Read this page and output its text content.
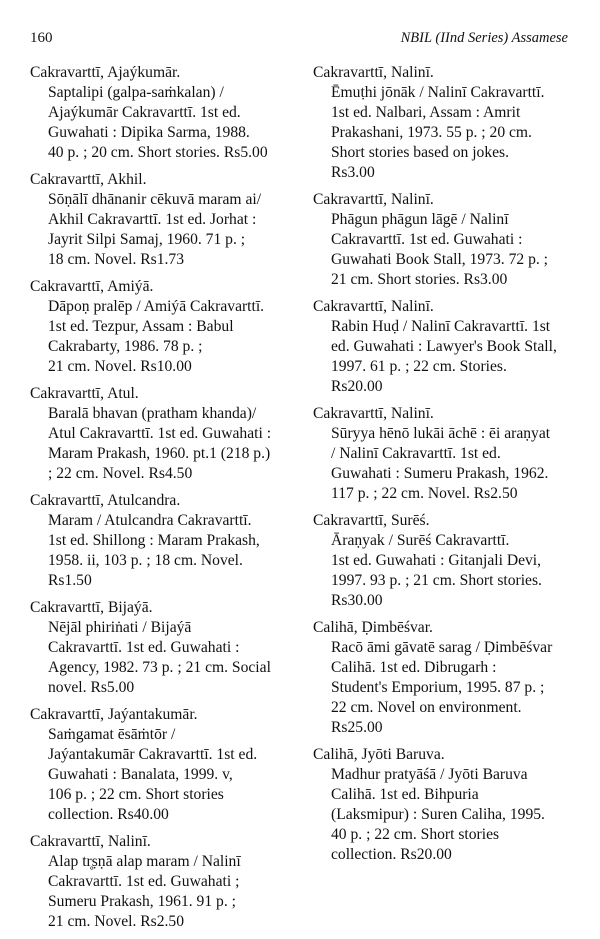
160	NBIL (IInd Series) Assamese
Cakravarttī, Ajaýkumār.
Saptalipi (galpa-saṁkalan) /
Ajaýkumār Cakravarttī. 1st ed.
Guwahati : Dipika Sarma, 1988.
40 p. ; 20 cm. Short stories. Rs5.00
Cakravarttī, Akhil.
Sōṇālī dhānanir cēkuvā maram ai/
Akhil Cakravarttī. 1st ed. Jorhat :
Jayrit Silpi Samaj, 1960. 71 p. ;
18 cm. Novel. Rs1.73
Cakravarttī, Amiýā.
Dāpoṇ pralēp / Amiýā Cakravarttī.
1st ed. Tezpur, Assam : Babul
Cakrabarty, 1986. 78 p. ;
21 cm. Novel. Rs10.00
Cakravarttī, Atul.
Baralā bhavan (pratham khanda)/
Atul Cakravarttī. 1st ed. Guwahati :
Maram Prakash, 1960. pt.1 (218 p.)
; 22 cm. Novel. Rs4.50
Cakravarttī, Atulcandra.
Maram / Atulcandra Cakravarttī.
1st ed. Shillong : Maram Prakash,
1958. ii, 103 p. ; 18 cm. Novel.
Rs1.50
Cakravarttī, Bijaýā.
Nējāl phiriṅati / Bijaýā
Cakravarttī. 1st ed. Guwahati :
Agency, 1982. 73 p. ; 21 cm. Social
novel. Rs5.00
Cakravarttī, Jaýantakumār.
Saṁgamat ēsāṁtōr /
Jaýantakumār Cakravarttī. 1st ed.
Guwahati : Banalata, 1999. v,
106 p. ; 22 cm. Short stories
collection. Rs40.00
Cakravarttī, Nalinī.
Alap tr̥ṣṇā alap maram / Nalinī
Cakravarttī. 1st ed. Guwahati ;
Sumeru Prakash, 1961. 91 p. ;
21 cm. Novel. Rs2.50
Cakravarttī, Nalinī.
Ēmuṭhi jōnāk / Nalinī Cakravarttī.
1st ed. Nalbari, Assam : Amrit
Prakashani, 1973. 55 p. ; 20 cm.
Short stories based on jokes.
Rs3.00
Cakravarttī, Nalinī.
Phāgun phāgun lāgē / Nalinī
Cakravarttī. 1st ed. Guwahati :
Guwahati Book Stall, 1973. 72 p. ;
21 cm. Short stories. Rs3.00
Cakravarttī, Nalinī.
Rabin Huḍ / Nalinī Cakravarttī. 1st
ed. Guwahati : Lawyer's Book Stall,
1997. 61 p. ; 22 cm. Stories.
Rs20.00
Cakravarttī, Nalinī.
Sūryya hēnō lukāi āchē : ēi araṇyat
/ Nalinī Cakravarttī. 1st ed.
Guwahati : Sumeru Prakash, 1962.
117 p. ; 22 cm. Novel. Rs2.50
Cakravarttī, Surēś.
Āraṇyak / Surēś Cakravarttī.
1st ed. Guwahati : Gitanjali Devi,
1997. 93 p. ; 21 cm. Short stories.
Rs30.00
Calihā, Ḍimbēśvar.
Racō āmi gāvatē sarag / Ḍimbēśvar
Calihā. 1st ed. Dibrugarh :
Student's Emporium, 1995. 87 p. ;
22 cm. Novel on environment.
Rs25.00
Calihā, Jyōti Baruva.
Madhur pratyāśā / Jyōti Baruva
Calihā. 1st ed. Bihpuria
(Laksmipur) : Suren Caliha, 1995.
40 p. ; 22 cm. Short stories
collection. Rs20.00
